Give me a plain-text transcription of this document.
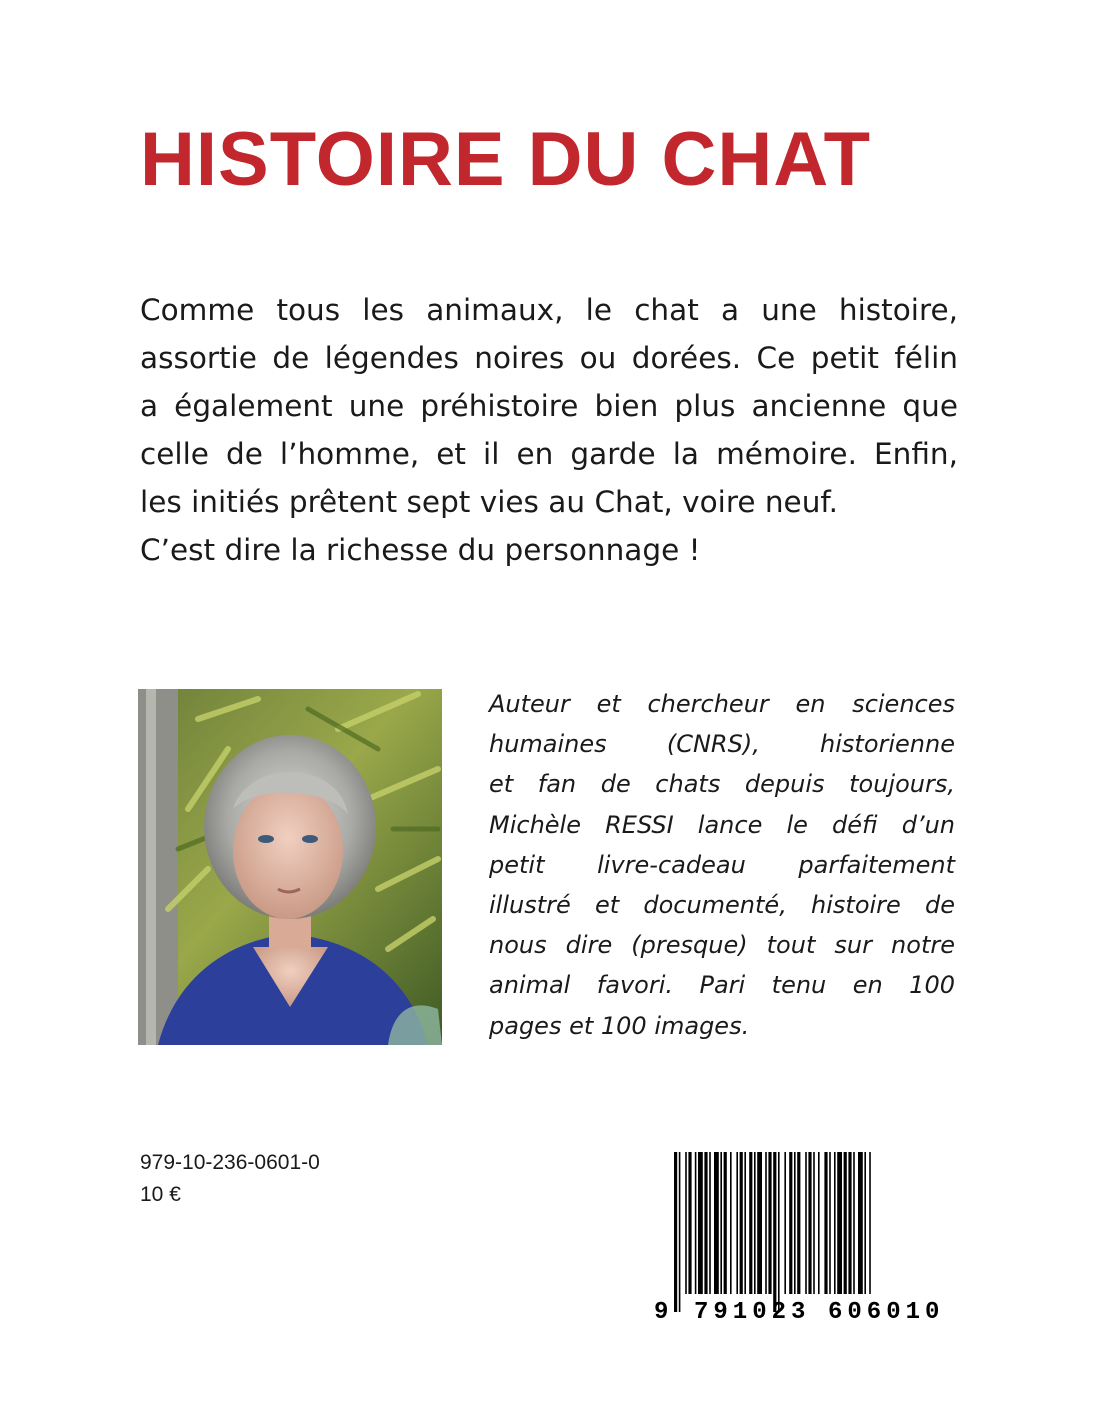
HISTOIRE DU CHAT
Comme tous les animaux, le chat a une histoire,
assortie de légendes noires ou dorées. Ce petit félin
a également une préhistoire bien plus ancienne que
celle de l’homme, et il en garde la mémoire. Enfin,
les initiés prêtent sept vies au Chat, voire neuf.
C’est dire la richesse du personnage !
Auteur et chercheur en sciences
humaines (CNRS), historienne
et fan de chats depuis toujours,
Michèle RESSI lance le défi d’un
petit livre-cadeau parfaitement
illustré et documenté, histoire de
nous dire (presque) tout sur notre
animal favori. Pari tenu en 100
pages et 100 images.
979-10-236-0601-0
10 €
9 791023 606010
